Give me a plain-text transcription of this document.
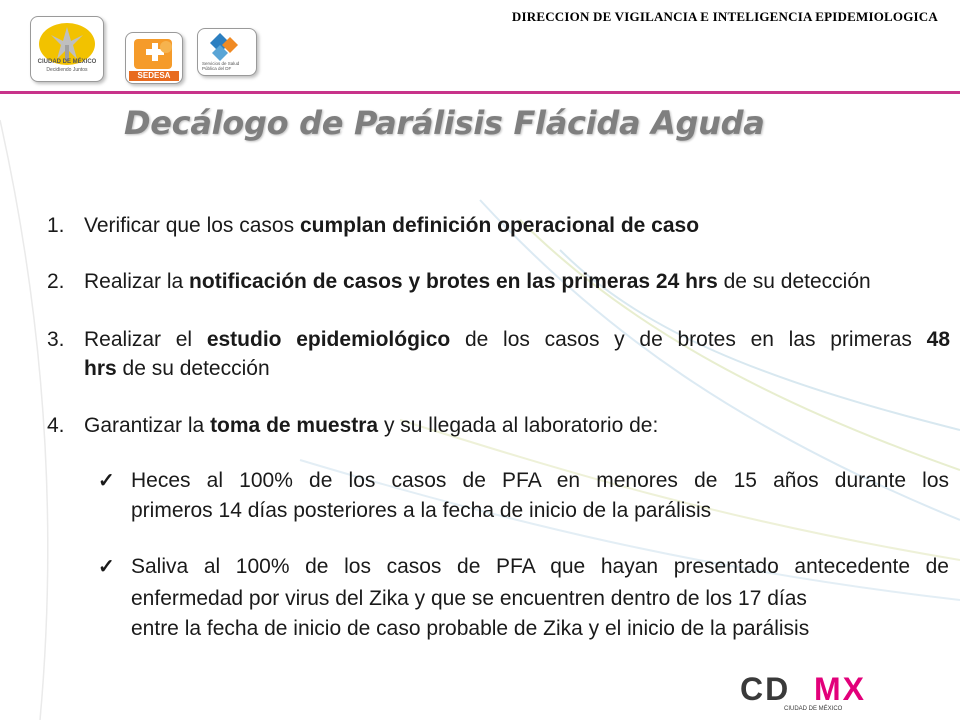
CIUDAD DE MÉXICO
Decidiendo Juntos
SEDESA
Servicios de Salud Pública del DF
DIRECCION DE VIGILANCIA E INTELIGENCIA EPIDEMIOLOGICA
Decálogo de Parálisis Flácida Aguda
1. Verificar que los casos cumplan definición operacional de caso
2. Realizar la notificación de casos y brotes en las primeras 24 hrs de su detección
3. Realizar el estudio epidemiológico de los casos y de brotes en las primeras 48
hrs de su detección
4. Garantizar la toma de muestra y su llegada al laboratorio de:
✓ Heces al 100% de los casos de PFA en menores de 15 años durante los
primeros 14 días posteriores a la fecha de inicio de la parálisis
✓ Saliva al 100% de los casos de PFA que hayan presentado antecedente de
enfermedad por virus del Zika y que se encuentren dentro de los 17 días
entre la fecha de inicio de caso probable de Zika y el inicio de la parálisis
CD MX
CIUDAD DE MÉXICO
